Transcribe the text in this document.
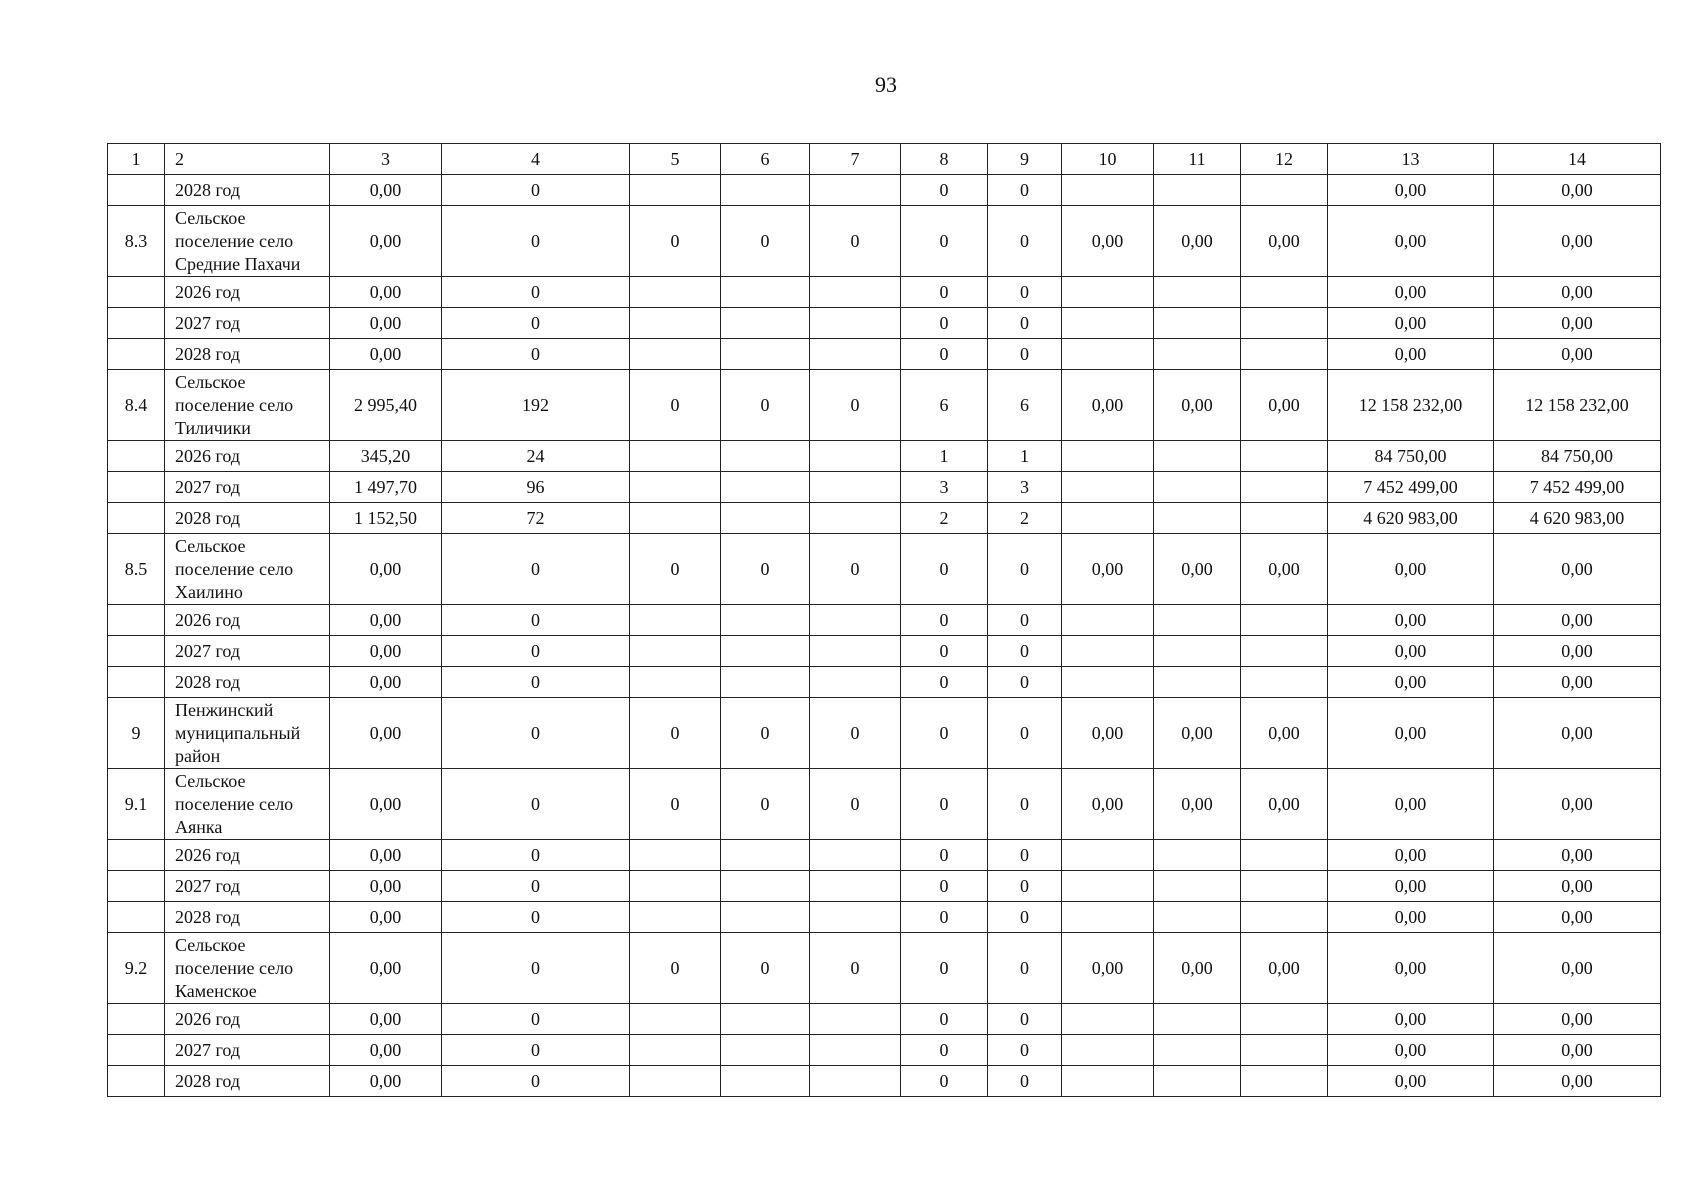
93
1	2	3	4	5	6	7	8	9	10	11	12	13	14
	2028 год	0,00	0				0	0				0,00	0,00
8.3	Сельское поселение село Средние Пахачи	0,00	0	0	0	0	0	0	0,00	0,00	0,00	0,00	0,00
	2026 год	0,00	0				0	0				0,00	0,00
	2027 год	0,00	0				0	0				0,00	0,00
	2028 год	0,00	0				0	0				0,00	0,00
8.4	Сельское поселение село Тиличики	2 995,40	192	0	0	0	6	6	0,00	0,00	0,00	12 158 232,00	12 158 232,00
	2026 год	345,20	24				1	1				84 750,00	84 750,00
	2027 год	1 497,70	96				3	3				7 452 499,00	7 452 499,00
	2028 год	1 152,50	72				2	2				4 620 983,00	4 620 983,00
8.5	Сельское поселение село Хаилино	0,00	0	0	0	0	0	0	0,00	0,00	0,00	0,00	0,00
	2026 год	0,00	0				0	0				0,00	0,00
	2027 год	0,00	0				0	0				0,00	0,00
	2028 год	0,00	0				0	0				0,00	0,00
9	Пенжинский муниципальный район	0,00	0	0	0	0	0	0	0,00	0,00	0,00	0,00	0,00
9.1	Сельское поселение село Аянка	0,00	0	0	0	0	0	0	0,00	0,00	0,00	0,00	0,00
	2026 год	0,00	0				0	0				0,00	0,00
	2027 год	0,00	0				0	0				0,00	0,00
	2028 год	0,00	0				0	0				0,00	0,00
9.2	Сельское поселение село Каменское	0,00	0	0	0	0	0	0	0,00	0,00	0,00	0,00	0,00
	2026 год	0,00	0				0	0				0,00	0,00
	2027 год	0,00	0				0	0				0,00	0,00
	2028 год	0,00	0				0	0				0,00	0,00
